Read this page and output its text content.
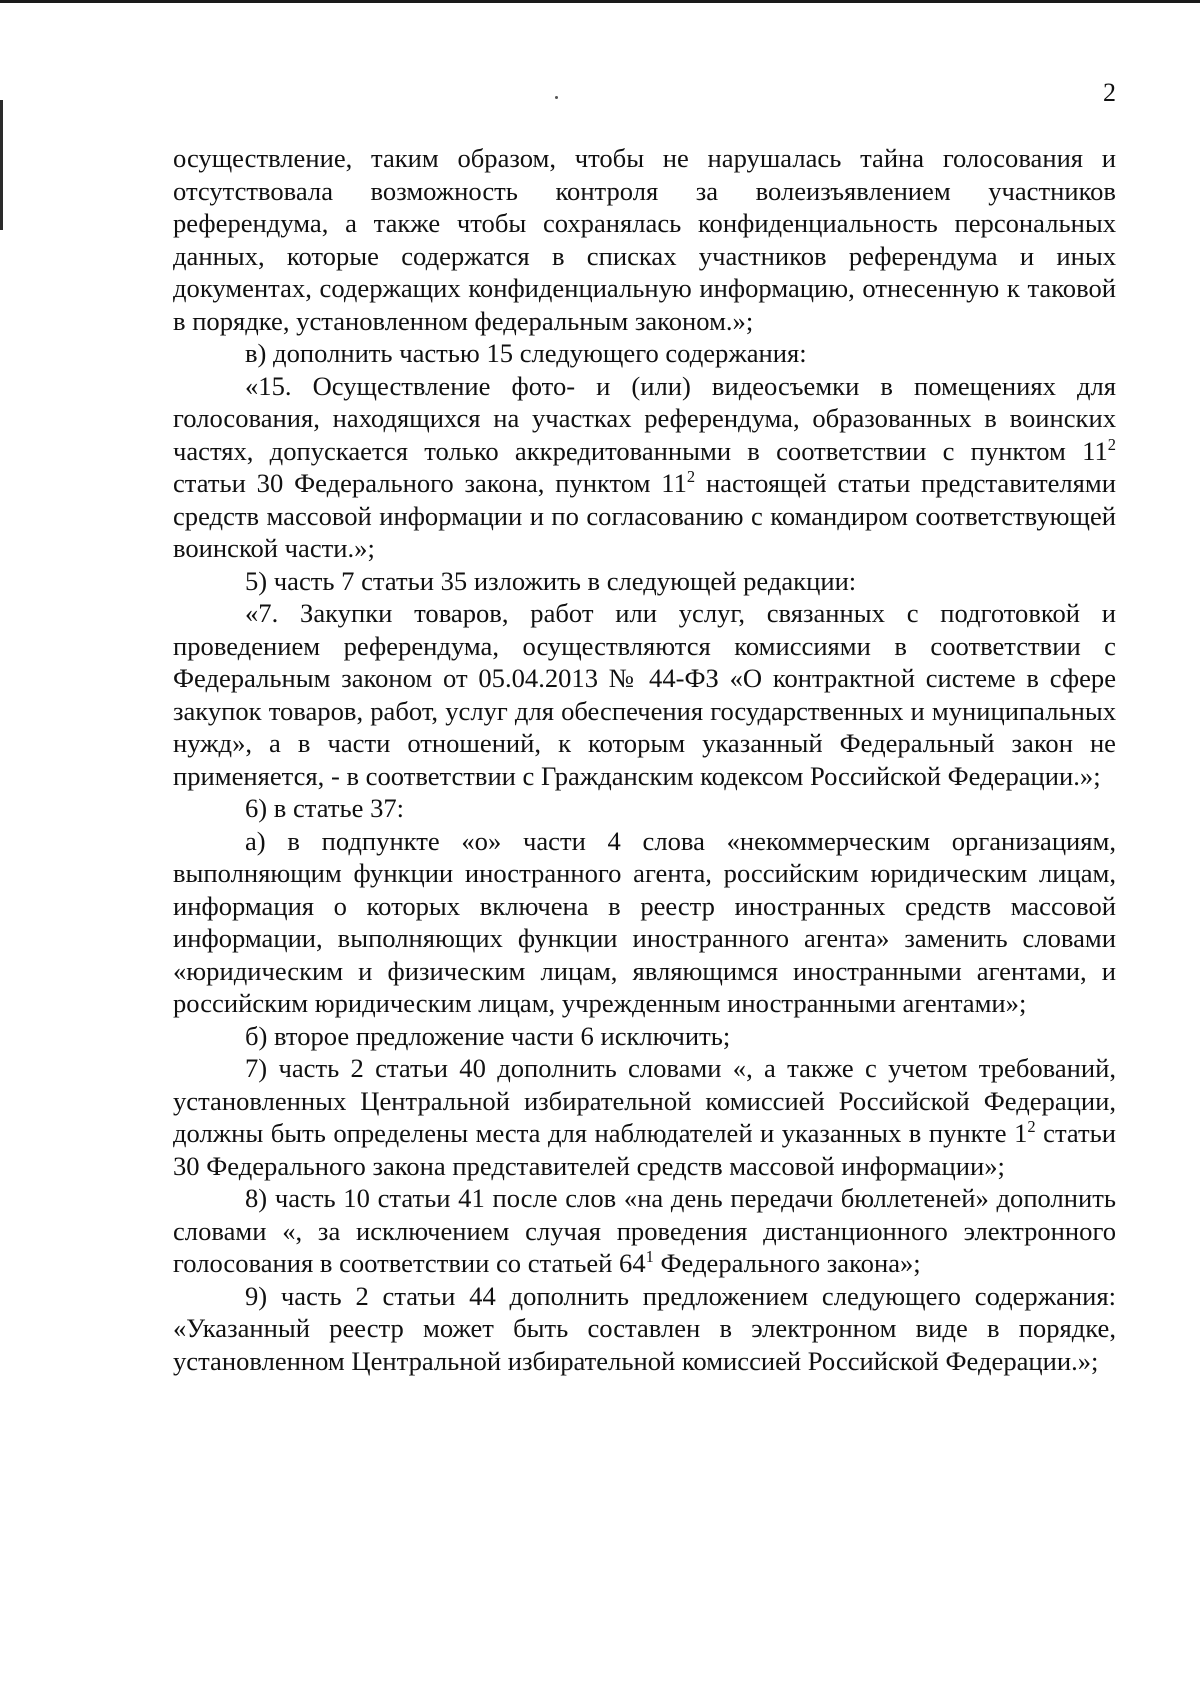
2

осуществление, таким образом, чтобы не нарушалась тайна голосования и отсутствовала возможность контроля за волеизъявлением участников референдума, а также чтобы сохранялась конфиденциальность персональных данных, которые содержатся в списках участников референдума и иных документах, содержащих конфиденциальную информацию, отнесенную к таковой в порядке, установленном федеральным законом.»;

в) дополнить частью 15 следующего содержания:

«15. Осуществление фото- и (или) видеосъемки в помещениях для голосования, находящихся на участках референдума, образованных в воинских частях, допускается только аккредитованными в соответствии с пунктом $11^2$ статьи 30 Федерального закона, пунктом $11^2$ настоящей статьи представителями средств массовой информации и по согласованию с командиром соответствующей воинской части.»;

5) часть 7 статьи 35 изложить в следующей редакции:

«7. Закупки товаров, работ или услуг, связанных с подготовкой и проведением референдума, осуществляются комиссиями в соответствии с Федеральным законом от 05.04.2013 № 44-ФЗ «О контрактной системе в сфере закупок товаров, работ, услуг для обеспечения государственных и муниципальных нужд», а в части отношений, к которым указанный Федеральный закон не применяется, - в соответствии с Гражданским кодексом Российской Федерации.»;

6) в статье 37:

а) в подпункте «о» части 4 слова «некоммерческим организациям, выполняющим функции иностранного агента, российским юридическим лицам, информация о которых включена в реестр иностранных средств массовой информации, выполняющих функции иностранного агента» заменить словами «юридическим и физическим лицам, являющимся иностранными агентами, и российским юридическим лицам, учрежденным иностранными агентами»;

б) второе предложение части 6 исключить;

7) часть 2 статьи 40 дополнить словами «, а также с учетом требований, установленных Центральной избирательной комиссией Российской Федерации, должны быть определены места для наблюдателей и указанных в пункте $1^2$ статьи 30 Федерального закона представителей средств массовой информации»;

8) часть 10 статьи 41 после слов «на день передачи бюллетеней» дополнить словами «, за исключением случая проведения дистанционного электронного голосования в соответствии со статьей $64^1$ Федерального закона»;

9) часть 2 статьи 44 дополнить предложением следующего содержания: «Указанный реестр может быть составлен в электронном виде в порядке, установленном Центральной избирательной комиссией Российской Федерации.»;
